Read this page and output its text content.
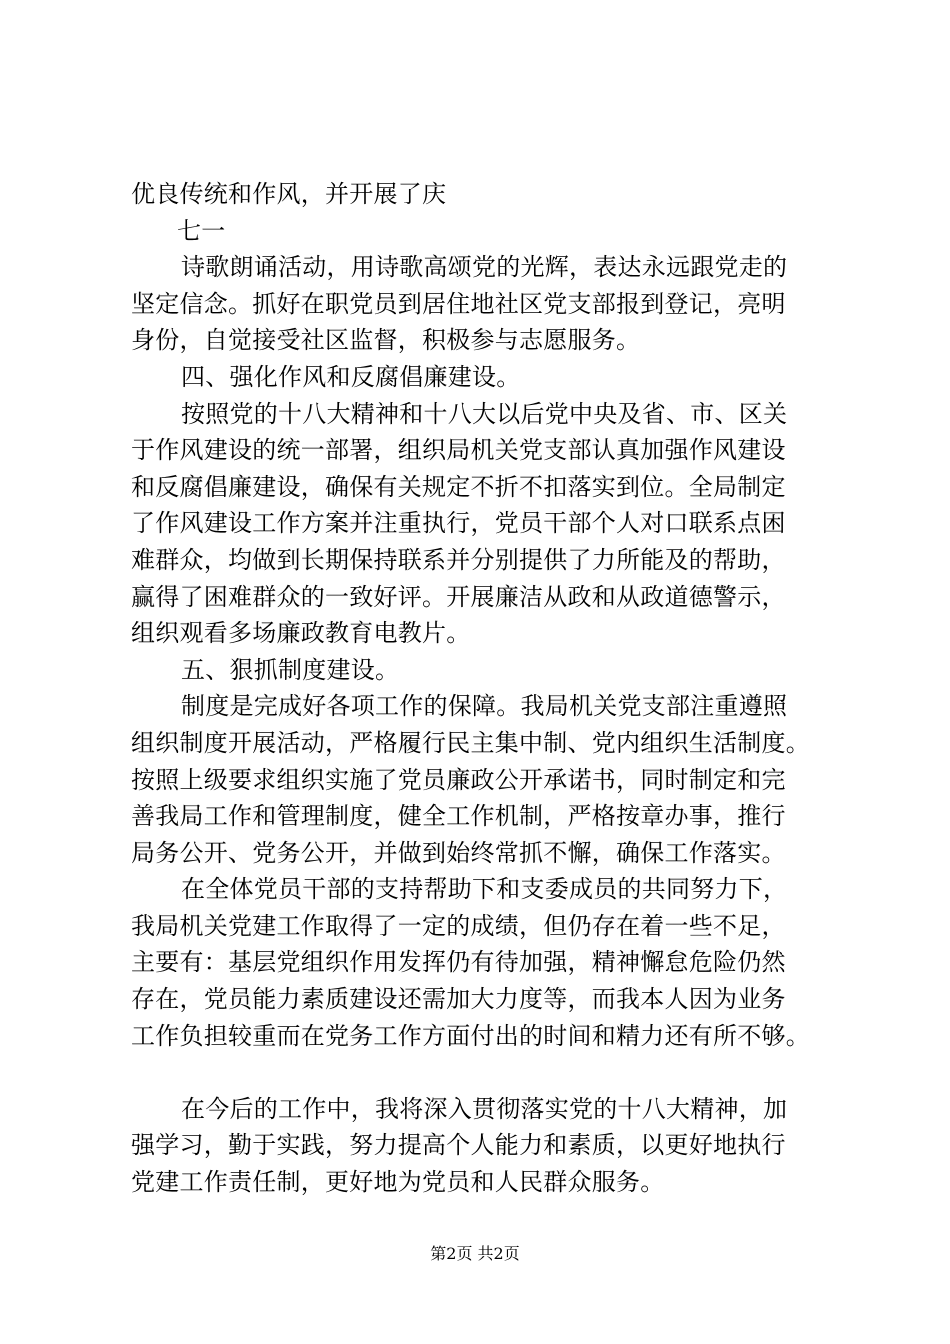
优良传统和作风，并开展了庆
七一
诗歌朗诵活动，用诗歌高颂党的光辉，表达永远跟党走的
坚定信念。抓好在职党员到居住地社区党支部报到登记，亮明
身份，自觉接受社区监督，积极参与志愿服务。
四、强化作风和反腐倡廉建设。
按照党的十八大精神和十八大以后党中央及省、市、区关
于作风建设的统一部署，组织局机关党支部认真加强作风建设
和反腐倡廉建设，确保有关规定不折不扣落实到位。全局制定
了作风建设工作方案并注重执行，党员干部个人对口联系点困
难群众，均做到长期保持联系并分别提供了力所能及的帮助，
赢得了困难群众的一致好评。开展廉洁从政和从政道德警示，
组织观看多场廉政教育电教片。
五、狠抓制度建设。
制度是完成好各项工作的保障。我局机关党支部注重遵照
组织制度开展活动，严格履行民主集中制、党内组织生活制度。
按照上级要求组织实施了党员廉政公开承诺书，同时制定和完
善我局工作和管理制度，健全工作机制，严格按章办事，推行
局务公开、党务公开，并做到始终常抓不懈，确保工作落实。
在全体党员干部的支持帮助下和支委成员的共同努力下，
我局机关党建工作取得了一定的成绩，但仍存在着一些不足，
主要有：基层党组织作用发挥仍有待加强，精神懈怠危险仍然
存在，党员能力素质建设还需加大力度等，而我本人因为业务
工作负担较重而在党务工作方面付出的时间和精力还有所不够。
在今后的工作中，我将深入贯彻落实党的十八大精神，加
强学习，勤于实践，努力提高个人能力和素质，以更好地执行
党建工作责任制，更好地为党员和人民群众服务。
第2页 共2页
